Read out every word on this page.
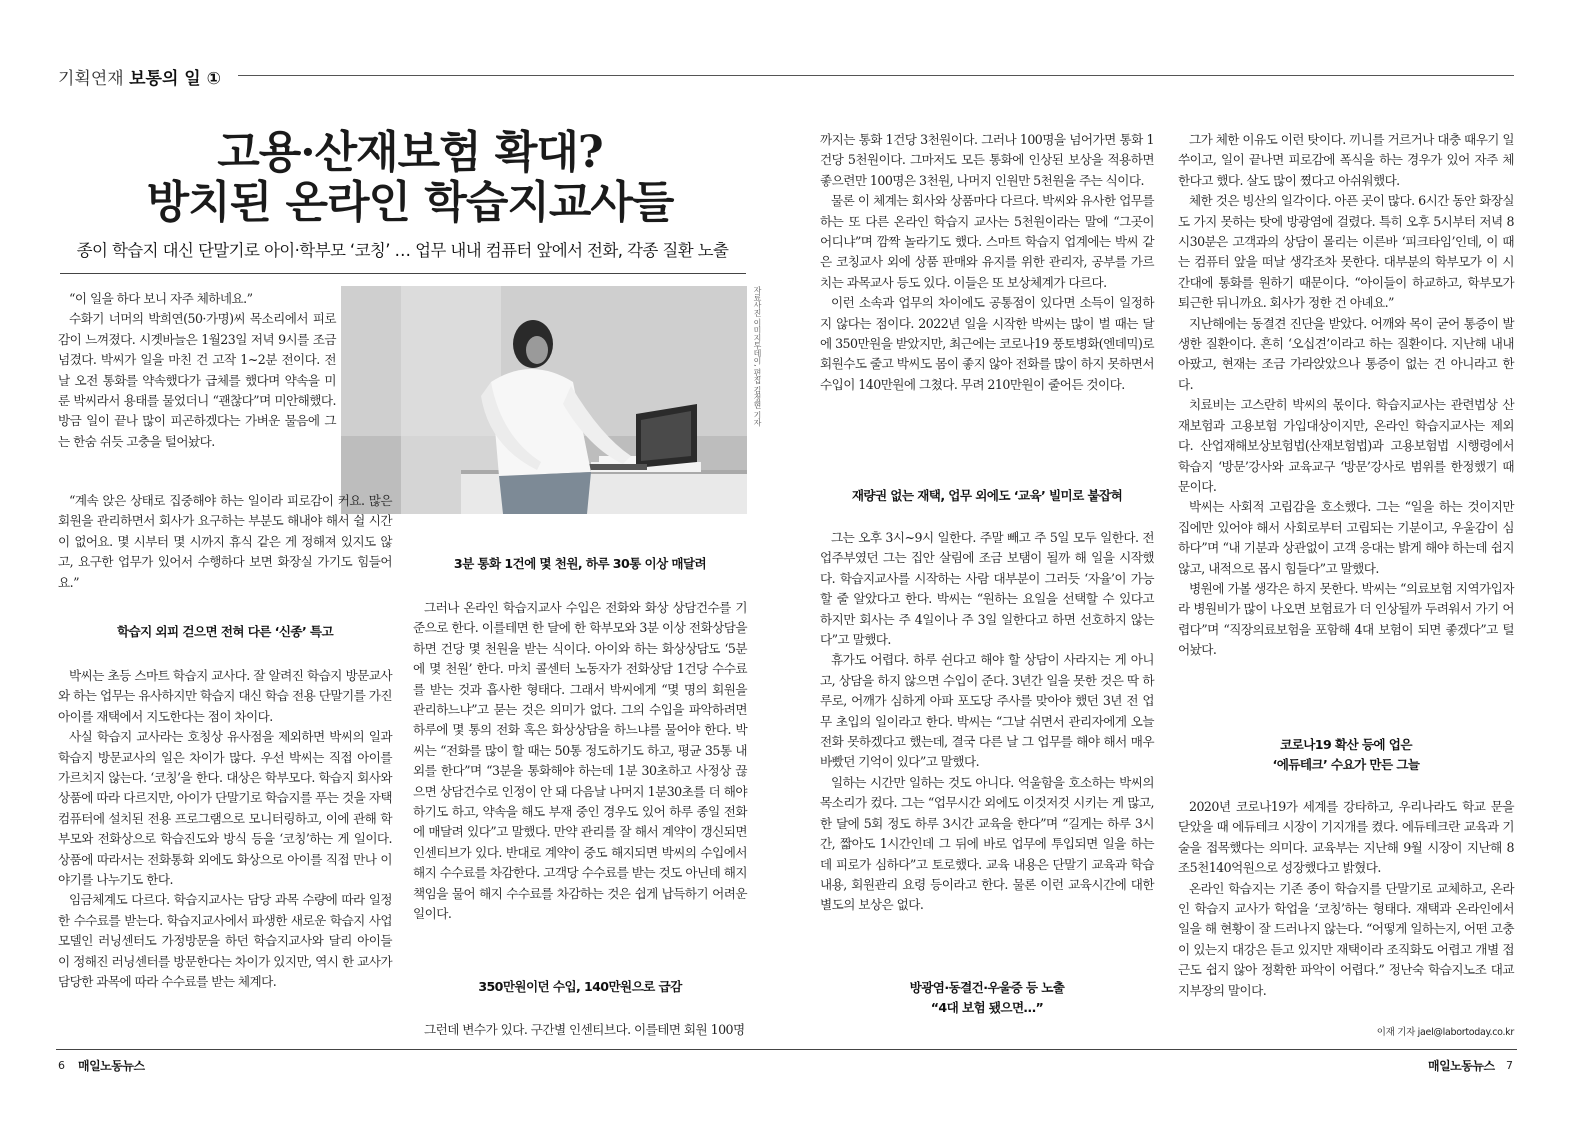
기획연재 보통의 일 ①
고용·산재보험 확대?
방치된 온라인 학습지교사들
종이 학습지 대신 단말기로 아이·학부모 ‘코칭’ … 업무 내내 컴퓨터 앞에서 전화, 각종 질환 노출
자료사진 이미지투데이, 편집 김정현 기자

“이 일을 하다 보니 자주 체하네요.”

수화기 너머의 박희연(50·가명)씨 목소리에서 피로감이 느껴졌다. 시곗바늘은 1월23일 저녁 9시를 조금 넘겼다. 박씨가 일을 마친 건 고작 1~2분 전이다. 전날 오전 통화를 약속했다가 급체를 했다며 약속을 미룬 박씨라서 용태를 물었더니 “괜찮다”며 미안해했다. 방금 일이 끝나 많이 피곤하겠다는 가벼운 물음에 그는 한숨 쉬듯 고충을 털어놨다.

“계속 앉은 상태로 집중해야 하는 일이라 피로감이 커요. 많은 회원을 관리하면서 회사가 요구하는 부분도 해내야 해서 쉴 시간이 없어요. 몇 시부터 몇 시까지 휴식 같은 게 정해져 있지도 않고, 요구한 업무가 있어서 수행하다 보면 화장실 가기도 힘들어요.”

학습지 외피 걷으면 전혀 다른 ‘신종’ 특고

박씨는 초등 스마트 학습지 교사다. 잘 알려진 학습지 방문교사와 하는 업무는 유사하지만 학습지 대신 학습 전용 단말기를 가진 아이를 재택에서 지도한다는 점이 차이다.

사실 학습지 교사라는 호칭상 유사점을 제외하면 박씨의 일과 학습지 방문교사의 일은 차이가 많다. 우선 박씨는 직접 아이를 가르치지 않는다. ‘코칭’을 한다. 대상은 학부모다. 학습지 회사와 상품에 따라 다르지만, 아이가 단말기로 학습지를 푸는 것을 자택 컴퓨터에 설치된 전용 프로그램으로 모니터링하고, 이에 관해 학부모와 전화상으로 학습진도와 방식 등을 ‘코칭’하는 게 일이다. 상품에 따라서는 전화통화 외에도 화상으로 아이를 직접 만나 이야기를 나누기도 한다.

임금체계도 다르다. 학습지교사는 담당 과목 수량에 따라 일정한 수수료를 받는다. 학습지교사에서 파생한 새로운 학습지 사업모델인 러닝센터도 가정방문을 하던 학습지교사와 달리 아이들이 정해진 러닝센터를 방문한다는 차이가 있지만, 역시 한 교사가 담당한 과목에 따라 수수료를 받는 체계다.

3분 통화 1건에 몇 천원, 하루 30통 이상 매달려

그러나 온라인 학습지교사 수입은 전화와 화상 상담건수를 기준으로 한다. 이를테면 한 달에 한 학부모와 3분 이상 전화상담을 하면 건당 몇 천원을 받는 식이다. 아이와 하는 화상상담도 ‘5분에 몇 천원’ 한다. 마치 콜센터 노동자가 전화상담 1건당 수수료를 받는 것과 흡사한 형태다. 그래서 박씨에게 “몇 명의 회원을 관리하느냐”고 묻는 것은 의미가 없다. 그의 수입을 파악하려면 하루에 몇 통의 전화 혹은 화상상담을 하느냐를 물어야 한다. 박씨는 “전화를 많이 할 때는 50통 정도하기도 하고, 평균 35통 내외를 한다”며 “3분을 통화해야 하는데 1분 30초하고 사정상 끊으면 상담건수로 인정이 안 돼 다음날 나머지 1분30초를 더 해야 하기도 하고, 약속을 해도 부재 중인 경우도 있어 하루 종일 전화에 매달려 있다”고 말했다. 만약 관리를 잘 해서 계약이 갱신되면 인센티브가 있다. 반대로 계약이 중도 해지되면 박씨의 수입에서 해지 수수료를 차감한다. 고객당 수수료를 받는 것도 아닌데 해지 책임을 물어 해지 수수료를 차감하는 것은 쉽게 납득하기 어려운 일이다.

350만원이던 수입, 140만원으로 급감

그런데 변수가 있다. 구간별 인센티브다. 이를테면 회원 100명

까지는 통화 1건당 3천원이다. 그러나 100명을 넘어가면 통화 1건당 5천원이다. 그마저도 모든 통화에 인상된 보상을 적용하면 좋으련만 100명은 3천원, 나머지 인원만 5천원을 주는 식이다.

물론 이 체계는 회사와 상품마다 다르다. 박씨와 유사한 업무를 하는 또 다른 온라인 학습지 교사는 5천원이라는 말에 “그곳이 어디냐”며 깜짝 놀라기도 했다. 스마트 학습지 업계에는 박씨 같은 코칭교사 외에 상품 판매와 유지를 위한 관리자, 공부를 가르치는 과목교사 등도 있다. 이들은 또 보상체계가 다르다.

이런 소속과 업무의 차이에도 공통점이 있다면 소득이 일정하지 않다는 점이다. 2022년 일을 시작한 박씨는 많이 벌 때는 달에 350만원을 받았지만, 최근에는 코로나19 풍토병화(엔데믹)로 회원수도 줄고 박씨도 몸이 좋지 않아 전화를 많이 하지 못하면서 수입이 140만원에 그쳤다. 무려 210만원이 줄어든 것이다.

재량권 없는 재택, 업무 외에도 ‘교육’ 빌미로 붙잡혀

그는 오후 3시~9시 일한다. 주말 빼고 주 5일 모두 일한다. 전업주부였던 그는 집안 살림에 조금 보탬이 될까 해 일을 시작했다. 학습지교사를 시작하는 사람 대부분이 그러듯 ‘자율’이 가능할 줄 알았다고 한다. 박씨는 “원하는 요일을 선택할 수 있다고 하지만 회사는 주 4일이나 주 3일 일한다고 하면 선호하지 않는다”고 말했다.

휴가도 어렵다. 하루 쉰다고 해야 할 상담이 사라지는 게 아니고, 상담을 하지 않으면 수입이 준다. 3년간 일을 못한 것은 딱 하루로, 어깨가 심하게 아파 포도당 주사를 맞아야 했던 3년 전 업무 초입의 일이라고 한다. 박씨는 “그날 쉬면서 관리자에게 오늘 전화 못하겠다고 했는데, 결국 다른 날 그 업무를 해야 해서 매우 바빴던 기억이 있다”고 말했다.

일하는 시간만 일하는 것도 아니다. 억울함을 호소하는 박씨의 목소리가 컸다. 그는 “업무시간 외에도 이것저것 시키는 게 많고, 한 달에 5회 정도 하루 3시간 교육을 한다”며 “길게는 하루 3시간, 짧아도 1시간인데 그 뒤에 바로 업무에 투입되면 일을 하는 데 피로가 심하다”고 토로했다. 교육 내용은 단말기 교육과 학습 내용, 회원관리 요령 등이라고 한다. 물론 이런 교육시간에 대한 별도의 보상은 없다.

방광염·동결건·우울증 등 노출
“4대 보험 됐으면…”

그가 체한 이유도 이런 탓이다. 끼니를 거르거나 대충 때우기 일쑤이고, 일이 끝나면 피로감에 폭식을 하는 경우가 있어 자주 체한다고 했다. 살도 많이 쪘다고 아쉬워했다.

체한 것은 빙산의 일각이다. 아픈 곳이 많다. 6시간 동안 화장실도 가지 못하는 탓에 방광염에 걸렸다. 특히 오후 5시부터 저녁 8시30분은 고객과의 상담이 몰리는 이른바 ‘피크타임’인데, 이 때는 컴퓨터 앞을 떠날 생각조차 못한다. 대부분의 학부모가 이 시간대에 통화를 원하기 때문이다. “아이들이 하교하고, 학부모가 퇴근한 뒤니까요. 회사가 정한 건 아녜요.”

지난해에는 동결견 진단을 받았다. 어깨와 목이 굳어 통증이 발생한 질환이다. 흔히 ‘오십견’이라고 하는 질환이다. 지난해 내내 아팠고, 현재는 조금 가라앉았으나 통증이 없는 건 아니라고 한다.

치료비는 고스란히 박씨의 몫이다. 학습지교사는 관련법상 산재보험과 고용보험 가입대상이지만, 온라인 학습지교사는 제외다. 산업재해보상보험법(산재보험법)과 고용보험법 시행령에서 학습지 ‘방문’강사와 교육교구 ‘방문’강사로 범위를 한정했기 때문이다.

박씨는 사회적 고립감을 호소했다. 그는 “일을 하는 것이지만 집에만 있어야 해서 사회로부터 고립되는 기분이고, 우울감이 심하다”며 “내 기분과 상관없이 고객 응대는 밝게 해야 하는데 쉽지 않고, 내적으로 몹시 힘들다”고 말했다.

병원에 가볼 생각은 하지 못한다. 박씨는 “의료보험 지역가입자라 병원비가 많이 나오면 보험료가 더 인상될까 두려워서 가기 어렵다”며 “직장의료보험을 포함해 4대 보험이 되면 좋겠다”고 털어놨다.

코로나19 확산 등에 업은
‘에듀테크’ 수요가 만든 그늘

2020년 코로나19가 세계를 강타하고, 우리나라도 학교 문을 닫았을 때 에듀테크 시장이 기지개를 켰다. 에듀테크란 교육과 기술을 접목했다는 의미다. 교육부는 지난해 9월 시장이 지난해 8조5천140억원으로 성장했다고 밝혔다.

온라인 학습지는 기존 종이 학습지를 단말기로 교체하고, 온라인 학습지 교사가 학업을 ‘코칭’하는 형태다. 재택과 온라인에서 일을 해 현황이 잘 드러나지 않는다. “어떻게 일하는지, 어떤 고충이 있는지 대강은 듣고 있지만 재택이라 조직화도 어렵고 개별 접근도 쉽지 않아 정확한 파악이 어렵다.” 정난숙 학습지노조 대교지부장의 말이다.

이재 기자 jael@labortoday.co.kr
6 매일노동뉴스	매일노동뉴스 7
